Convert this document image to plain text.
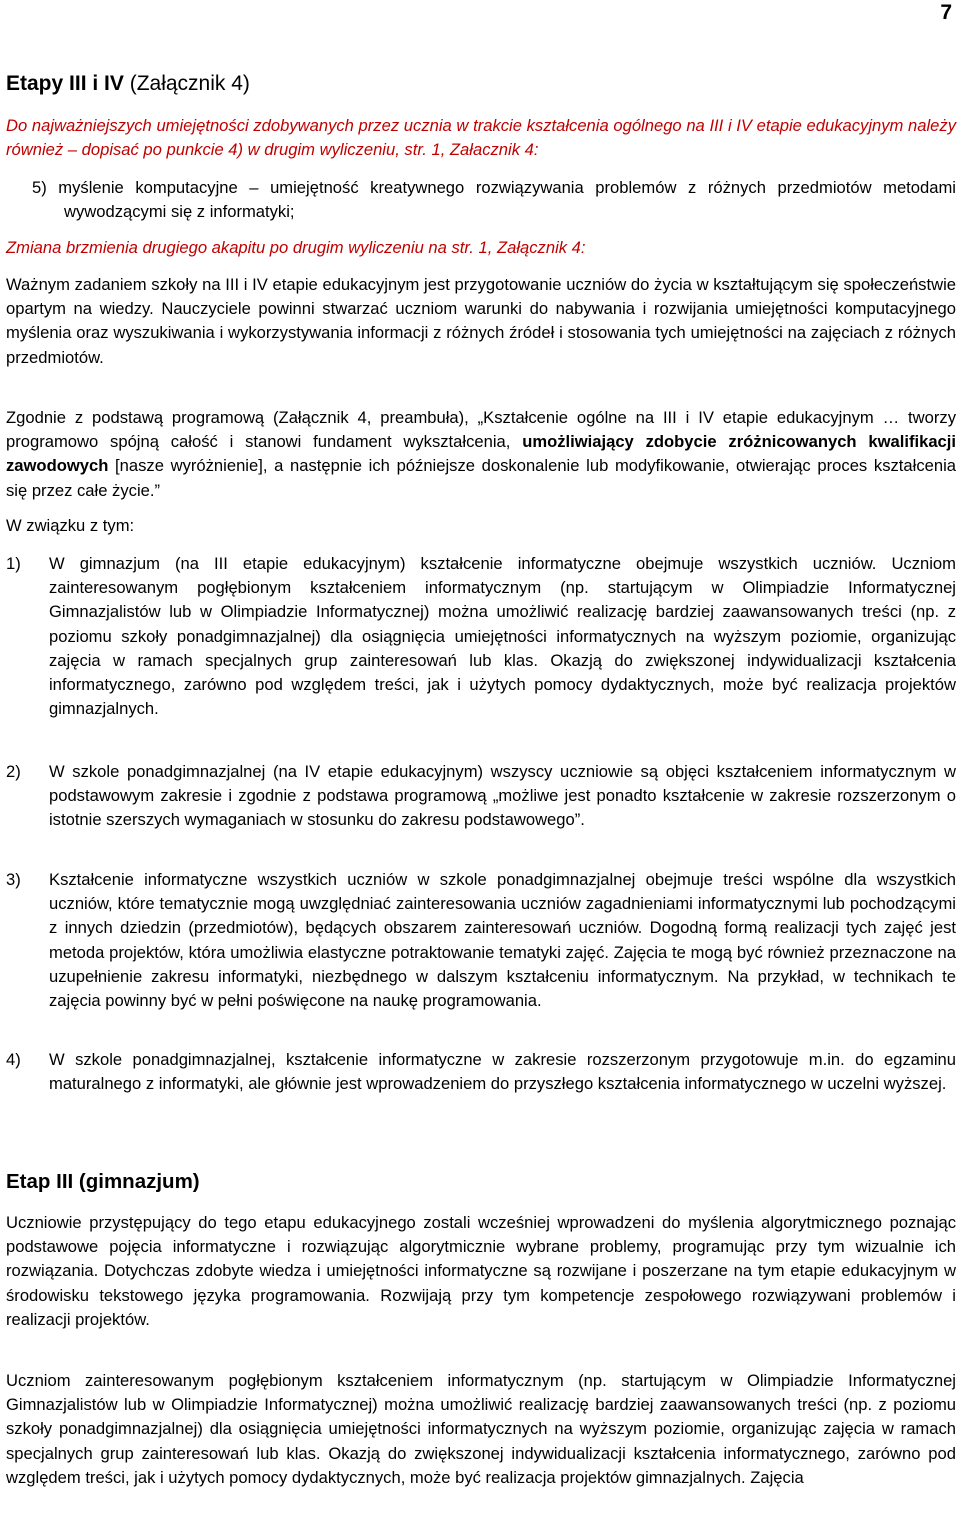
7
Etapy III i IV (Załącznik 4)

Do najważniejszych umiejętności zdobywanych przez ucznia w trakcie kształcenia ogólnego na III i IV etapie edukacyjnym należy również – dopisać po punkcie 4) w drugim wyliczeniu, str. 1, Załacznik 4:

5) myślenie komputacyjne – umiejętność kreatywnego rozwiązywania problemów z różnych przedmiotów metodami wywodzącymi się z informatyki;

Zmiana brzmienia drugiego akapitu po drugim wyliczeniu na str. 1, Załącznik 4:

Ważnym zadaniem szkoły na III i IV etapie edukacyjnym jest przygotowanie uczniów do życia w kształtującym się społeczeństwie opartym na wiedzy. Nauczyciele powinni stwarzać uczniom warunki do nabywania i rozwijania umiejętności komputacyjnego myślenia oraz wyszukiwania i wykorzystywania informacji z różnych źródeł i stosowania tych umiejętności na zajęciach z różnych przedmiotów.

Zgodnie z podstawą programową (Załącznik 4, preambuła), „Kształcenie ogólne na III i IV etapie edukacyjnym … tworzy programowo spójną całość i stanowi fundament wykształcenia, umożliwiający zdobycie zróżnicowanych kwalifikacji zawodowych [nasze wyróżnienie], a następnie ich późniejsze doskonalenie lub modyfikowanie, otwierając proces kształcenia się przez całe życie.”

W związku z tym:

1) W gimnazjum (na III etapie edukacyjnym) kształcenie informatyczne obejmuje wszystkich uczniów. Uczniom zainteresowanym pogłębionym kształceniem informatycznym (np. startującym w Olimpiadzie Informatycznej Gimnazjalistów lub w Olimpiadzie Informatycznej) można umożliwić realizację bardziej zaawansowanych treści (np. z poziomu szkoły ponadgimnazjalnej) dla osiągnięcia umiejętności informatycznych na wyższym poziomie, organizując zajęcia w ramach specjalnych grup zainteresowań lub klas. Okazją do zwiększonej indywidualizacji kształcenia informatycznego, zarówno pod względem treści, jak i użytych pomocy dydaktycznych, może być realizacja projektów gimnazjalnych.
2) W szkole ponadgimnazjalnej (na IV etapie edukacyjnym) wszyscy uczniowie są objęci kształceniem informatycznym w podstawowym zakresie i zgodnie z podstawa programową „możliwe jest ponadto kształcenie w zakresie rozszerzonym o istotnie szerszych wymaganiach w stosunku do zakresu podstawowego”.
3) Kształcenie informatyczne wszystkich uczniów w szkole ponadgimnazjalnej obejmuje treści wspólne dla wszystkich uczniów, które tematycznie mogą uwzględniać zainteresowania uczniów zagadnieniami informatycznymi lub pochodzącymi z innych dziedzin (przedmiotów), będących obszarem zainteresowań uczniów. Dogodną formą realizacji tych zajęć jest metoda projektów, która umożliwia elastyczne potraktowanie tematyki zajęć. Zajęcia te mogą być również przeznaczone na uzupełnienie zakresu informatyki, niezbędnego w dalszym kształceniu informatycznym. Na przykład, w technikach te zajęcia powinny być w pełni poświęcone na naukę programowania.
4) W szkole ponadgimnazjalnej, kształcenie informatyczne w zakresie rozszerzonym przygotowuje m.in. do egzaminu maturalnego z informatyki, ale głównie jest wprowadzeniem do przyszłego kształcenia informatycznego w uczelni wyższej.
Etap III (gimnazjum)

Uczniowie przystępujący do tego etapu edukacyjnego zostali wcześniej wprowadzeni do myślenia algorytmicznego poznając podstawowe pojęcia informatyczne i rozwiązując algorytmicznie wybrane problemy, programując przy tym wizualnie ich rozwiązania. Dotychczas zdobyte wiedza i umiejętności informatyczne są rozwijane i poszerzane na tym etapie edukacyjnym w środowisku tekstowego języka programowania. Rozwijają przy tym kompetencje zespołowego rozwiązywani problemów i realizacji projektów.

Uczniom zainteresowanym pogłębionym kształceniem informatycznym (np. startującym w Olimpiadzie Informatycznej Gimnazjalistów lub w Olimpiadzie Informatycznej) można umożliwić realizację bardziej zaawansowanych treści (np. z poziomu szkoły ponadgimnazjalnej) dla osiągnięcia umiejętności informatycznych na wyższym poziomie, organizując zajęcia w ramach specjalnych grup zainteresowań lub klas. Okazją do zwiększonej indywidualizacji kształcenia informatycznego, zarówno pod względem treści, jak i użytych pomocy dydaktycznych, może być realizacja projektów gimnazjalnych. Zajęcia
